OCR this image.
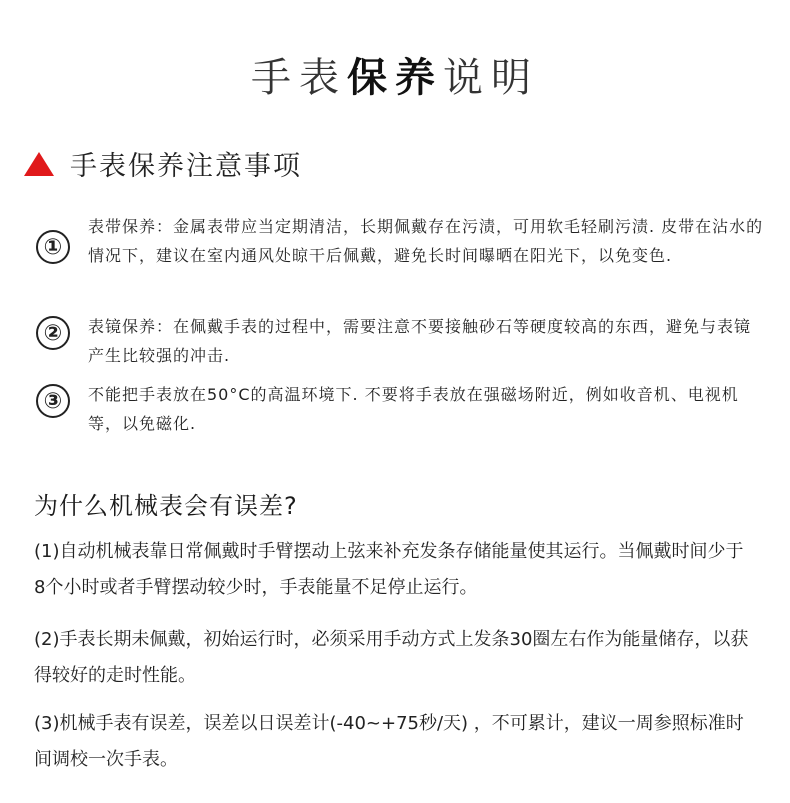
手表保养说明
手表保养注意事项
①
表带保养：金属表带应当定期清洁，长期佩戴存在污渍，可用软毛轻刷污渍. 皮带在沾水的情况下，建议在室内通风处晾干后佩戴，避免长时间曝晒在阳光下，以免变色.
②	表镜保养：在佩戴手表的过程中，需要注意不要接触砂石等硬度较高的东西，避免与表镜产生比较强的冲击.
③	不能把手表放在50°C的高温环境下. 不要将手表放在强磁场附近，例如收音机、电视机等，以免磁化.
为什么机械表会有误差?
(1)自动机械表靠日常佩戴时手臂摆动上弦来补充发条存储能量使其运行。当佩戴时间少于8个小时或者手臂摆动较少时，手表能量不足停止运行。
(2)手表长期未佩戴，初始运行时，必须采用手动方式上发条30圈左右作为能量储存，以获得较好的走时性能。
(3)机械手表有误差，误差以日误差计(-40~+75秒/天) ，不可累计，建议一周参照标准时间调校一次手表。
